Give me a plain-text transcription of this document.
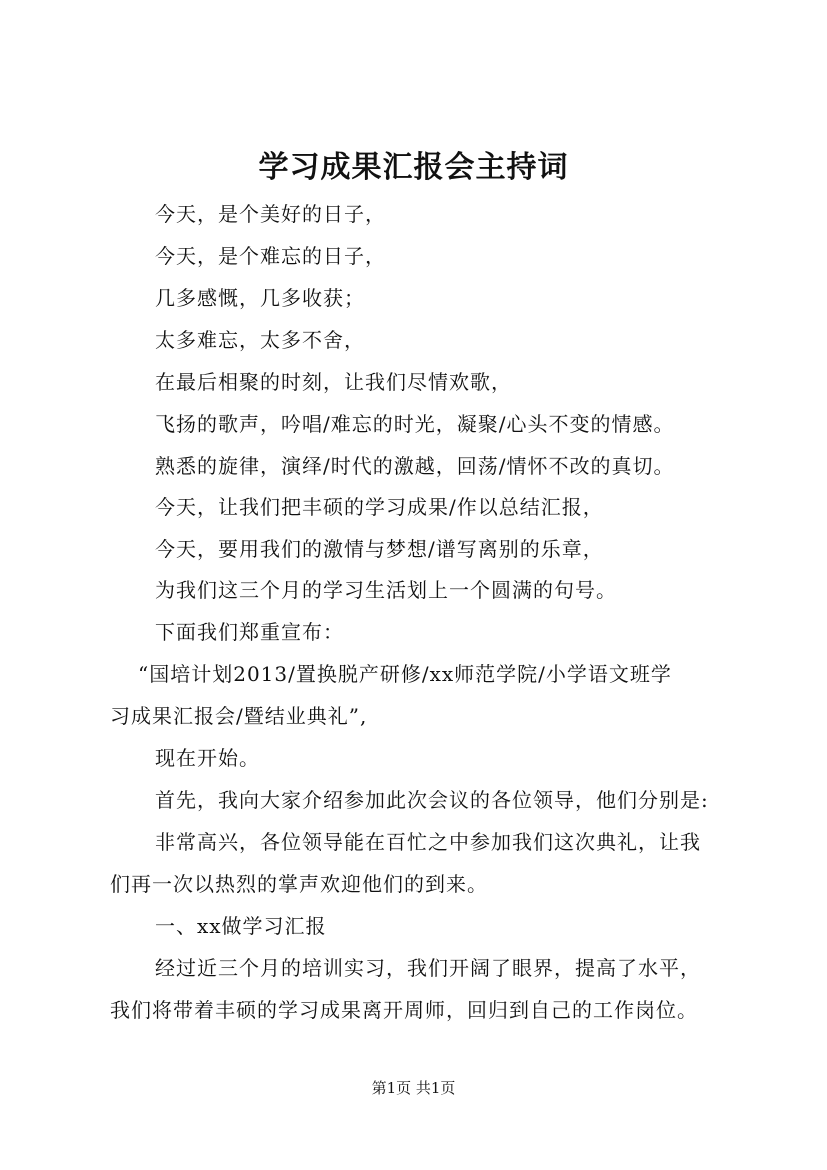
学习成果汇报会主持词
今天，是个美好的日子，
今天，是个难忘的日子，
几多感慨，几多收获；
太多难忘，太多不舍，
在最后相聚的时刻，让我们尽情欢歌，
飞扬的歌声，吟唱/难忘的时光，凝聚/心头不变的情感。
熟悉的旋律，演绎/时代的激越，回荡/情怀不改的真切。
今天，让我们把丰硕的学习成果/作以总结汇报，
今天，要用我们的激情与梦想/谱写离别的乐章，
为我们这三个月的学习生活划上一个圆满的句号。
下面我们郑重宣布：
“国培计划2013/置换脱产研修/xx师范学院/小学语文班学
习成果汇报会/暨结业典礼”,
现在开始。
首先，我向大家介绍参加此次会议的各位领导，他们分别是:
非常高兴，各位领导能在百忙之中参加我们这次典礼，让我
们再一次以热烈的掌声欢迎他们的到来。
一、xx做学习汇报
经过近三个月的培训实习，我们开阔了眼界，提高了水平，
我们将带着丰硕的学习成果离开周师，回归到自己的工作岗位。
第1页 共1页
